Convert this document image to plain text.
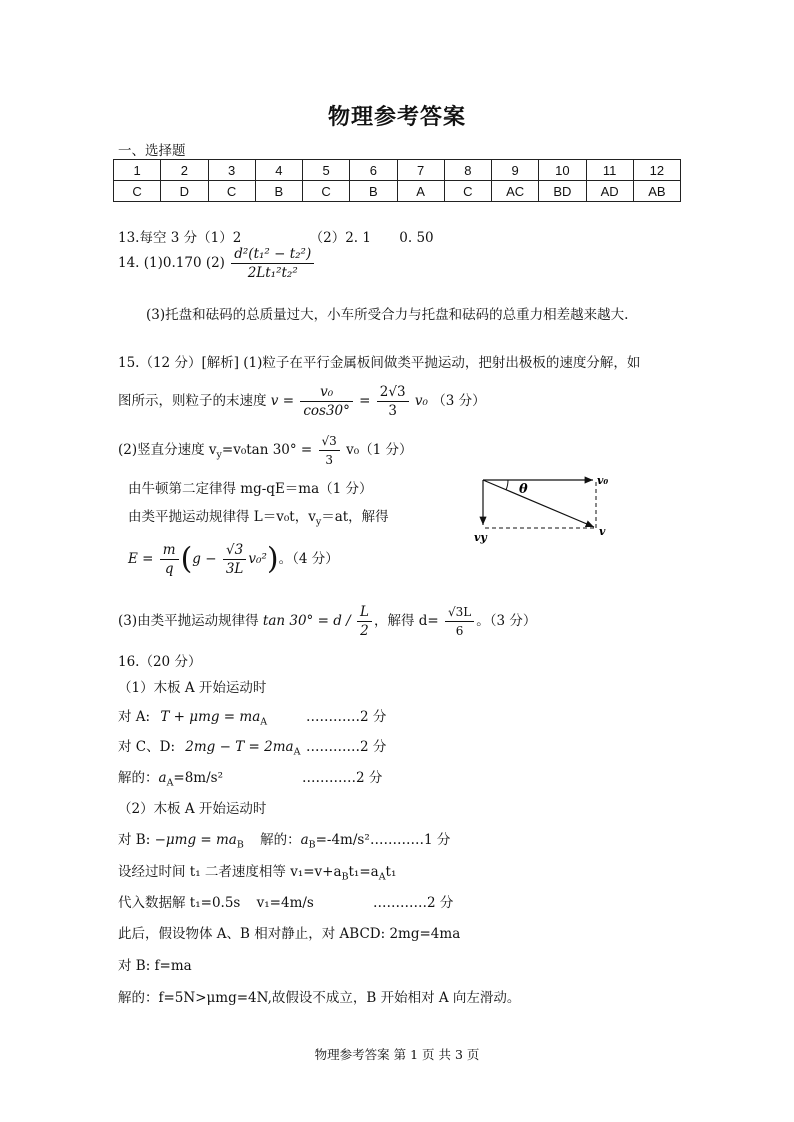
物理参考答案
一、选择题
1	2	3	4	5	6	7	8	9	10	11	12
C	D	C	B	C	B	A	C	AC	BD	AD	AB
13.每空 3 分（1）2	（2）2. 1 0. 50
14. (1)0.170 $(2) \frac{\text{d²(t₁² − t₂²)}}{\text{2Lt₁²t₂²}}$
(3)托盘和砝码的总质量过大，小车所受合力与托盘和砝码的总重力相差越来越大.
15.（12 分）[解析] (1)粒子在平行金属板间做类平抛运动，把射出极板的速度分解，如
图所示，则粒子的末速度 $v = \frac{\text{v₀}}{\cos 30^\circ} = \frac{2√3}{3} v_0$ （3 分）
(2)竖直分速度 $v_y=v_0\tan$ $30^\circ = \frac{√3}{3} v_0(1$ 分）
由牛顿第二定律得 mg-qE＝ma（1 分）
由类平抛运动规律得 L＝v₀t，$v_y=at$，解得
$E = \frac{m}{q} (g - \frac{√3}{3L} v_0^2)$。（4 分）
(3)由类平抛运动规律得 $\tan 30^\circ = d / \frac{L}{2}$ ，解得 $d= \frac{√3L}{6}$ 。（3 分）
θ
v₀
vy	v
16.（20 分）
（1）木板 A 开始运动时
对 A: $T + \mu mg = ma_A$	…………2 分
对 C、D: $2mg - T = 2ma_A$ …………2 分
解的：$a_A=8m/s^2$	…………2 分
（2）木板 A 开始运动时
对 B: $-\mu mg = ma_B$ 解的：$a_B=-4m/s^2$ …………1 分
设经过时间 t₁ 二者速度相等 $v_1=v+a_Bt_1=a_At_1$
代入数据解 t₁=0.5s v₁=4m/s	…………2 分
此后，假设物体 A、B 相对静止，对 ABCD: 2mg=4ma
对 B: f=ma
解的：f=5N>μmg=4N,故假设不成立，B 开始相对 A 向左滑动。
物理参考答案 第 1 页 共 3 页
